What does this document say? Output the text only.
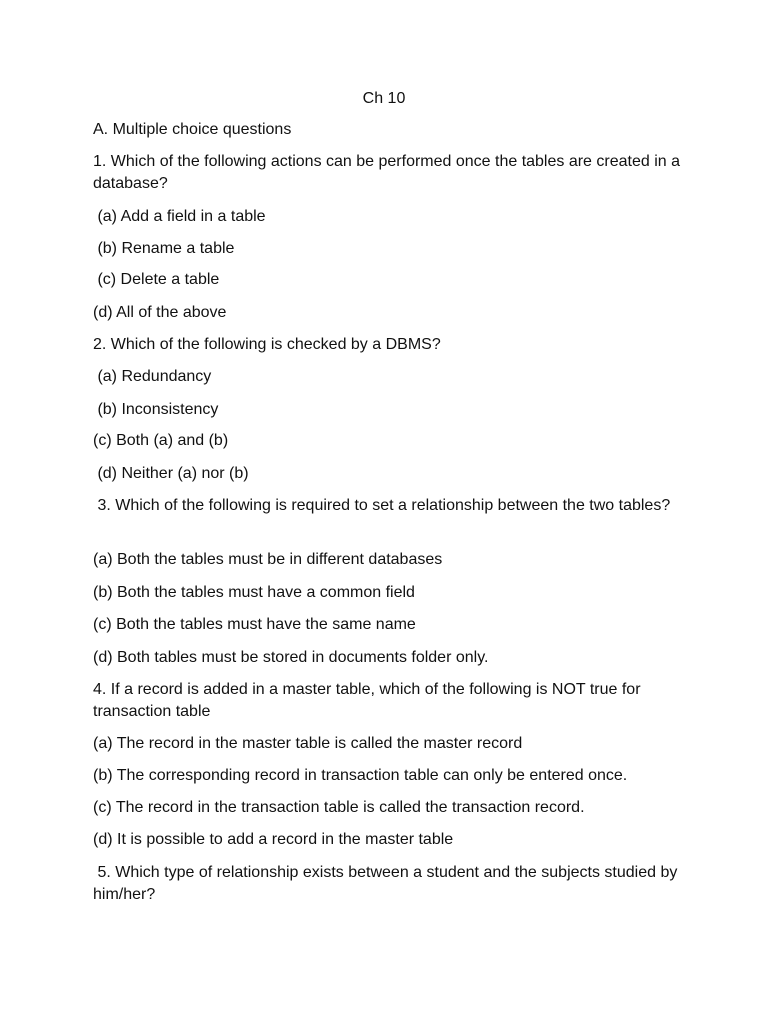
Ch 10
A. Multiple choice questions
1. Which of the following actions can be performed once the tables are created in a database?
(a) Add a field in a table
(b) Rename a table
(c) Delete a table
(d) All of the above
2. Which of the following is checked by a DBMS?
(a) Redundancy
(b) Inconsistency
(c) Both (a) and (b)
(d) Neither (a) nor (b)
3. Which of the following is required to set a relationship between the two tables?
(a) Both the tables must be in different databases
(b) Both the tables must have a common field
(c) Both the tables must have the same name
(d) Both tables must be stored in documents folder only.
4. If a record is added in a master table, which of the following is NOT true for transaction table
(a) The record in the master table is called the master record
(b) The corresponding record in transaction table can only be entered once.
(c) The record in the transaction table is called the transaction record.
(d) It is possible to add a record in the master table
5. Which type of relationship exists between a student and the subjects studied by him/her?
